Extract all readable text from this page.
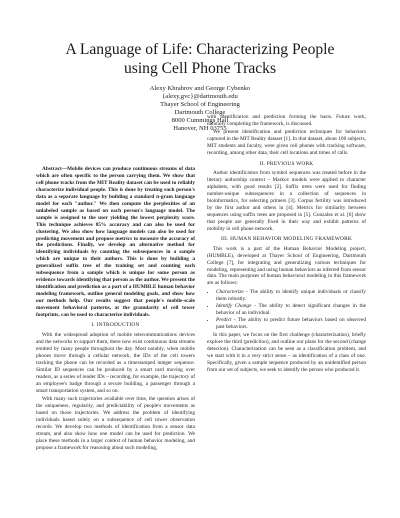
A Language of Life: Characterizing People
using Cell Phone Tracks
Alexy Khrabrov and George Cybenko
{alexy,gvc}@dartmouth.edu
Thayer School of Engineering
Dartmouth College
8000 Cummings Hall
Hanover, NH 03755

Abstract—Mobile devices can produce continuous streams of data which are often specific to the person carrying them. We show that cell phone tracks from the MIT Reality dataset can be used to reliably characterize individual people. This is done by treating each person's data as a separate language by building a standard n-gram language model for each "author." We then compute the perplexities of an unlabeled sample as based on each person's language model. The sample is assigned to the user yielding the lowest perplexity score. This technique achieves 85% accuracy and can also be used for clustering. We also show how language models can also be used for predicting movement and propose metrics to measure the accuracy of the predictions. Finally, we develop an alternative method for identifying individuals by counting the subsequences in a sample which are unique to their authors. This is done by building a generalized suffix tree of the training set and counting each subsequence from a sample which is unique for some person as evidence towards identifying that person as the author. We present the identification and prediction as a part of a HUMBLE human behavior modeling framework, outline general modeling goals, and show how our methods help. Our results suggest that people's mobile-scale movement behavioral patterns, at the granularity of cell tower footprints, can be used to characterize individuals.

I. INTRODUCTION

With the widespread adoption of mobile telecommunications devices and the networks to support them, there now exist continuous data streams emitted by many people throughout the day. Most notably, when mobile phones move through a cellular network, the IDs of the cell towers tracking the phone can be recorded as a timestamped integer sequence. Similar ID sequences can be produced by a smart card moving over readers, as a series of reader IDs – recording, for example, the trajectory of an employee's badge through a secure building, a passenger through a smart transportation system, and so on.

With many such trajectories available over time, the question arises of the uniqueness, regularity, and predictability of people's movements as based on those trajectories. We address the problem of identifying individuals based solely on a subsequence of cell tower observation records. We develop two methods of identification from a sensor data stream, and also show how one model can be used for prediction. We place these methods in a larger context of human behavior modeling, and propose a framework for reasoning about such modeling,

with identification and prediction forming the basis. Future work, naturally completing the framework, is discussed.

We present identification and prediction techniques for behaviors captured in the MIT Reality dataset [1]. In that dataset, about 100 subjects, MIT students and faculty, were given cell phones with tracking software, recording, among other data, their cell locations and times of calls.

II. PREVIOUS WORK

Author identification from symbol sequences was treated before in the literary authorship context – Markov models were applied to character alphabets, with good results [2]. Suffix trees were used for finding number-unique subsequences in a collection of sequences in bioinformatics, for selecting primers [3]. Corpus fertility was introduced by the first author and others in [4]. Metrics for similarity between sequences using suffix trees are proposed in [5]. Gonzalez et al. [6] show that people are generally fixed in their way and exhibit patterns of mobility in cell phone network.

III. HUMAN BEHAVIOR MODELING FRAMEWORK

This work is a part of the Human Behavior Modeling project, (HUMBLE), developed at Thayer School of Engineering, Dartmouth College [7], for integrating and generalizing various techniques for modeling, representing and using human behaviors as inferred from sensor data. The main purposes of human behavioral modeling in this framework are as follows:

• Characterize - The ability to identify unique individuals or classify them robustly.
• Identify Change - The ability to detect significant changes in the behavior of an individual.
• Predict - The ability to predict future behaviors based on observed past behaviors.

In this paper, we focus on the first challenge (characterization), briefly explore the third (prediction), and outline our plans for the second (change detection). Characterization can be seen as a classification problem, and we start with it in a very strict sense – as identification of a class of one. Specifically, given a sample sequence produced by an unidentified person from our set of subjects, we seek to identify the person who produced it.
